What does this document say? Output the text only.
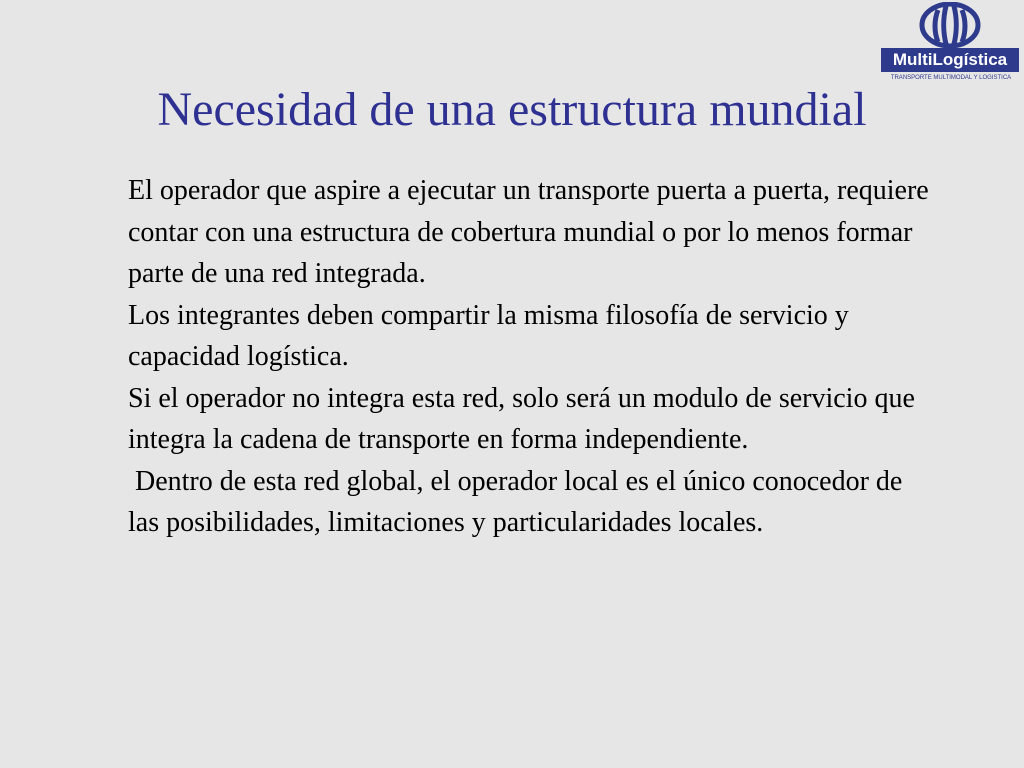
MultiLogística
TRANSPORTE MULTIMODAL Y LOGISTICA
Necesidad de una estructura mundial

El operador que aspire a ejecutar un transporte puerta a puerta, requiere contar con una estructura de cobertura mundial o por lo menos formar parte de una red integrada.

Los integrantes deben compartir la misma filosofía de servicio y capacidad logística.

Si el operador no integra esta red, solo será un modulo de servicio que integra la cadena de transporte en forma independiente.

Dentro de esta red global, el operador local es el único conocedor de las posibilidades, limitaciones y particularidades locales.
